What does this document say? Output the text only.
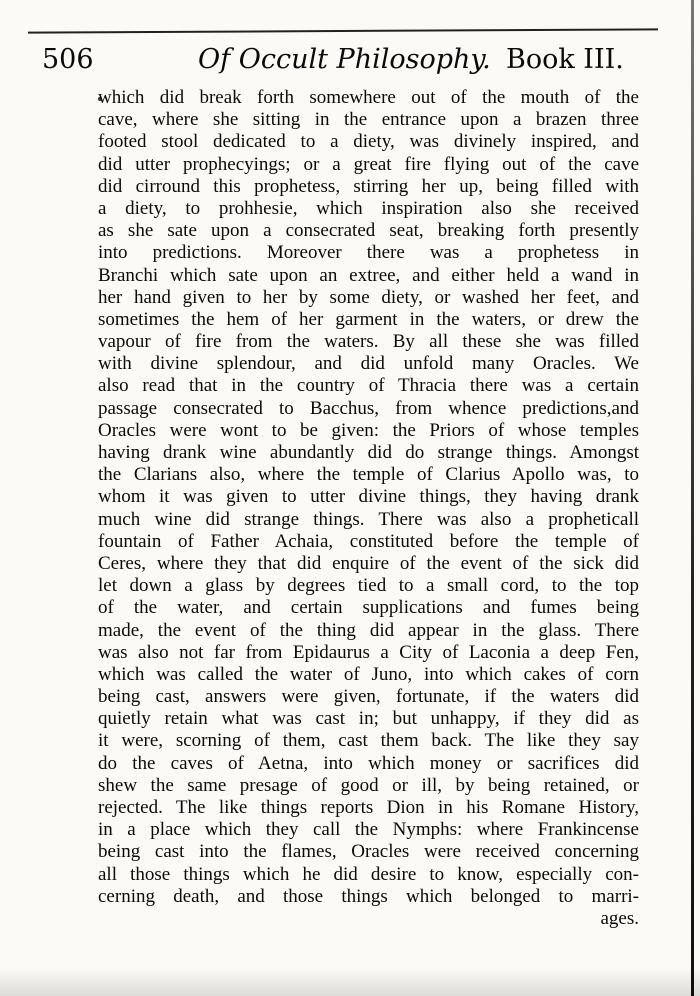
506	Of Occult Philosophy. Book III.
which did break forth somewhere out of the mouth of the
cave, where she sitting in the entrance upon a brazen three
footed stool dedicated to a diety, was divinely inspired, and
did utter prophecyings; or a great fire flying out of the cave
did cirround this prophetess, stirring her up, being filled with
a diety, to prohhesie, which inspiration also she received
as she sate upon a consecrated seat, breaking forth presently
into predictions. Moreover there was a prophetess in
Branchi which sate upon an extree, and either held a wand in
her hand given to her by some diety, or washed her feet, and
sometimes the hem of her garment in the waters, or drew the
vapour of fire from the waters. By all these she was filled
with divine splendour, and did unfold many Oracles. We
also read that in the country of Thracia there was a certain
passage consecrated to Bacchus, from whence predictions,and
Oracles were wont to be given: the Priors of whose temples
having drank wine abundantly did do strange things. Amongst
the Clarians also, where the temple of Clarius Apollo was, to
whom it was given to utter divine things, they having drank
much wine did strange things. There was also a propheticall
fountain of Father Achaia, constituted before the temple of
Ceres, where they that did enquire of the event of the sick did
let down a glass by degrees tied to a small cord, to the top
of the water, and certain supplications and fumes being
made, the event of the thing did appear in the glass. There
was also not far from Epidaurus a City of Laconia a deep Fen,
which was called the water of Juno, into which cakes of corn
being cast, answers were given, fortunate, if the waters did
quietly retain what was cast in; but unhappy, if they did as
it were, scorning of them, cast them back. The like they say
do the caves of Aetna, into which money or sacrifices did
shew the same presage of good or ill, by being retained, or
rejected. The like things reports Dion in his Romane History,
in a place which they call the Nymphs: where Frankincense
being cast into the flames, Oracles were received concerning
all those things which he did desire to know, especially con-
cerning death, and those things which belonged to marri-
ages.
